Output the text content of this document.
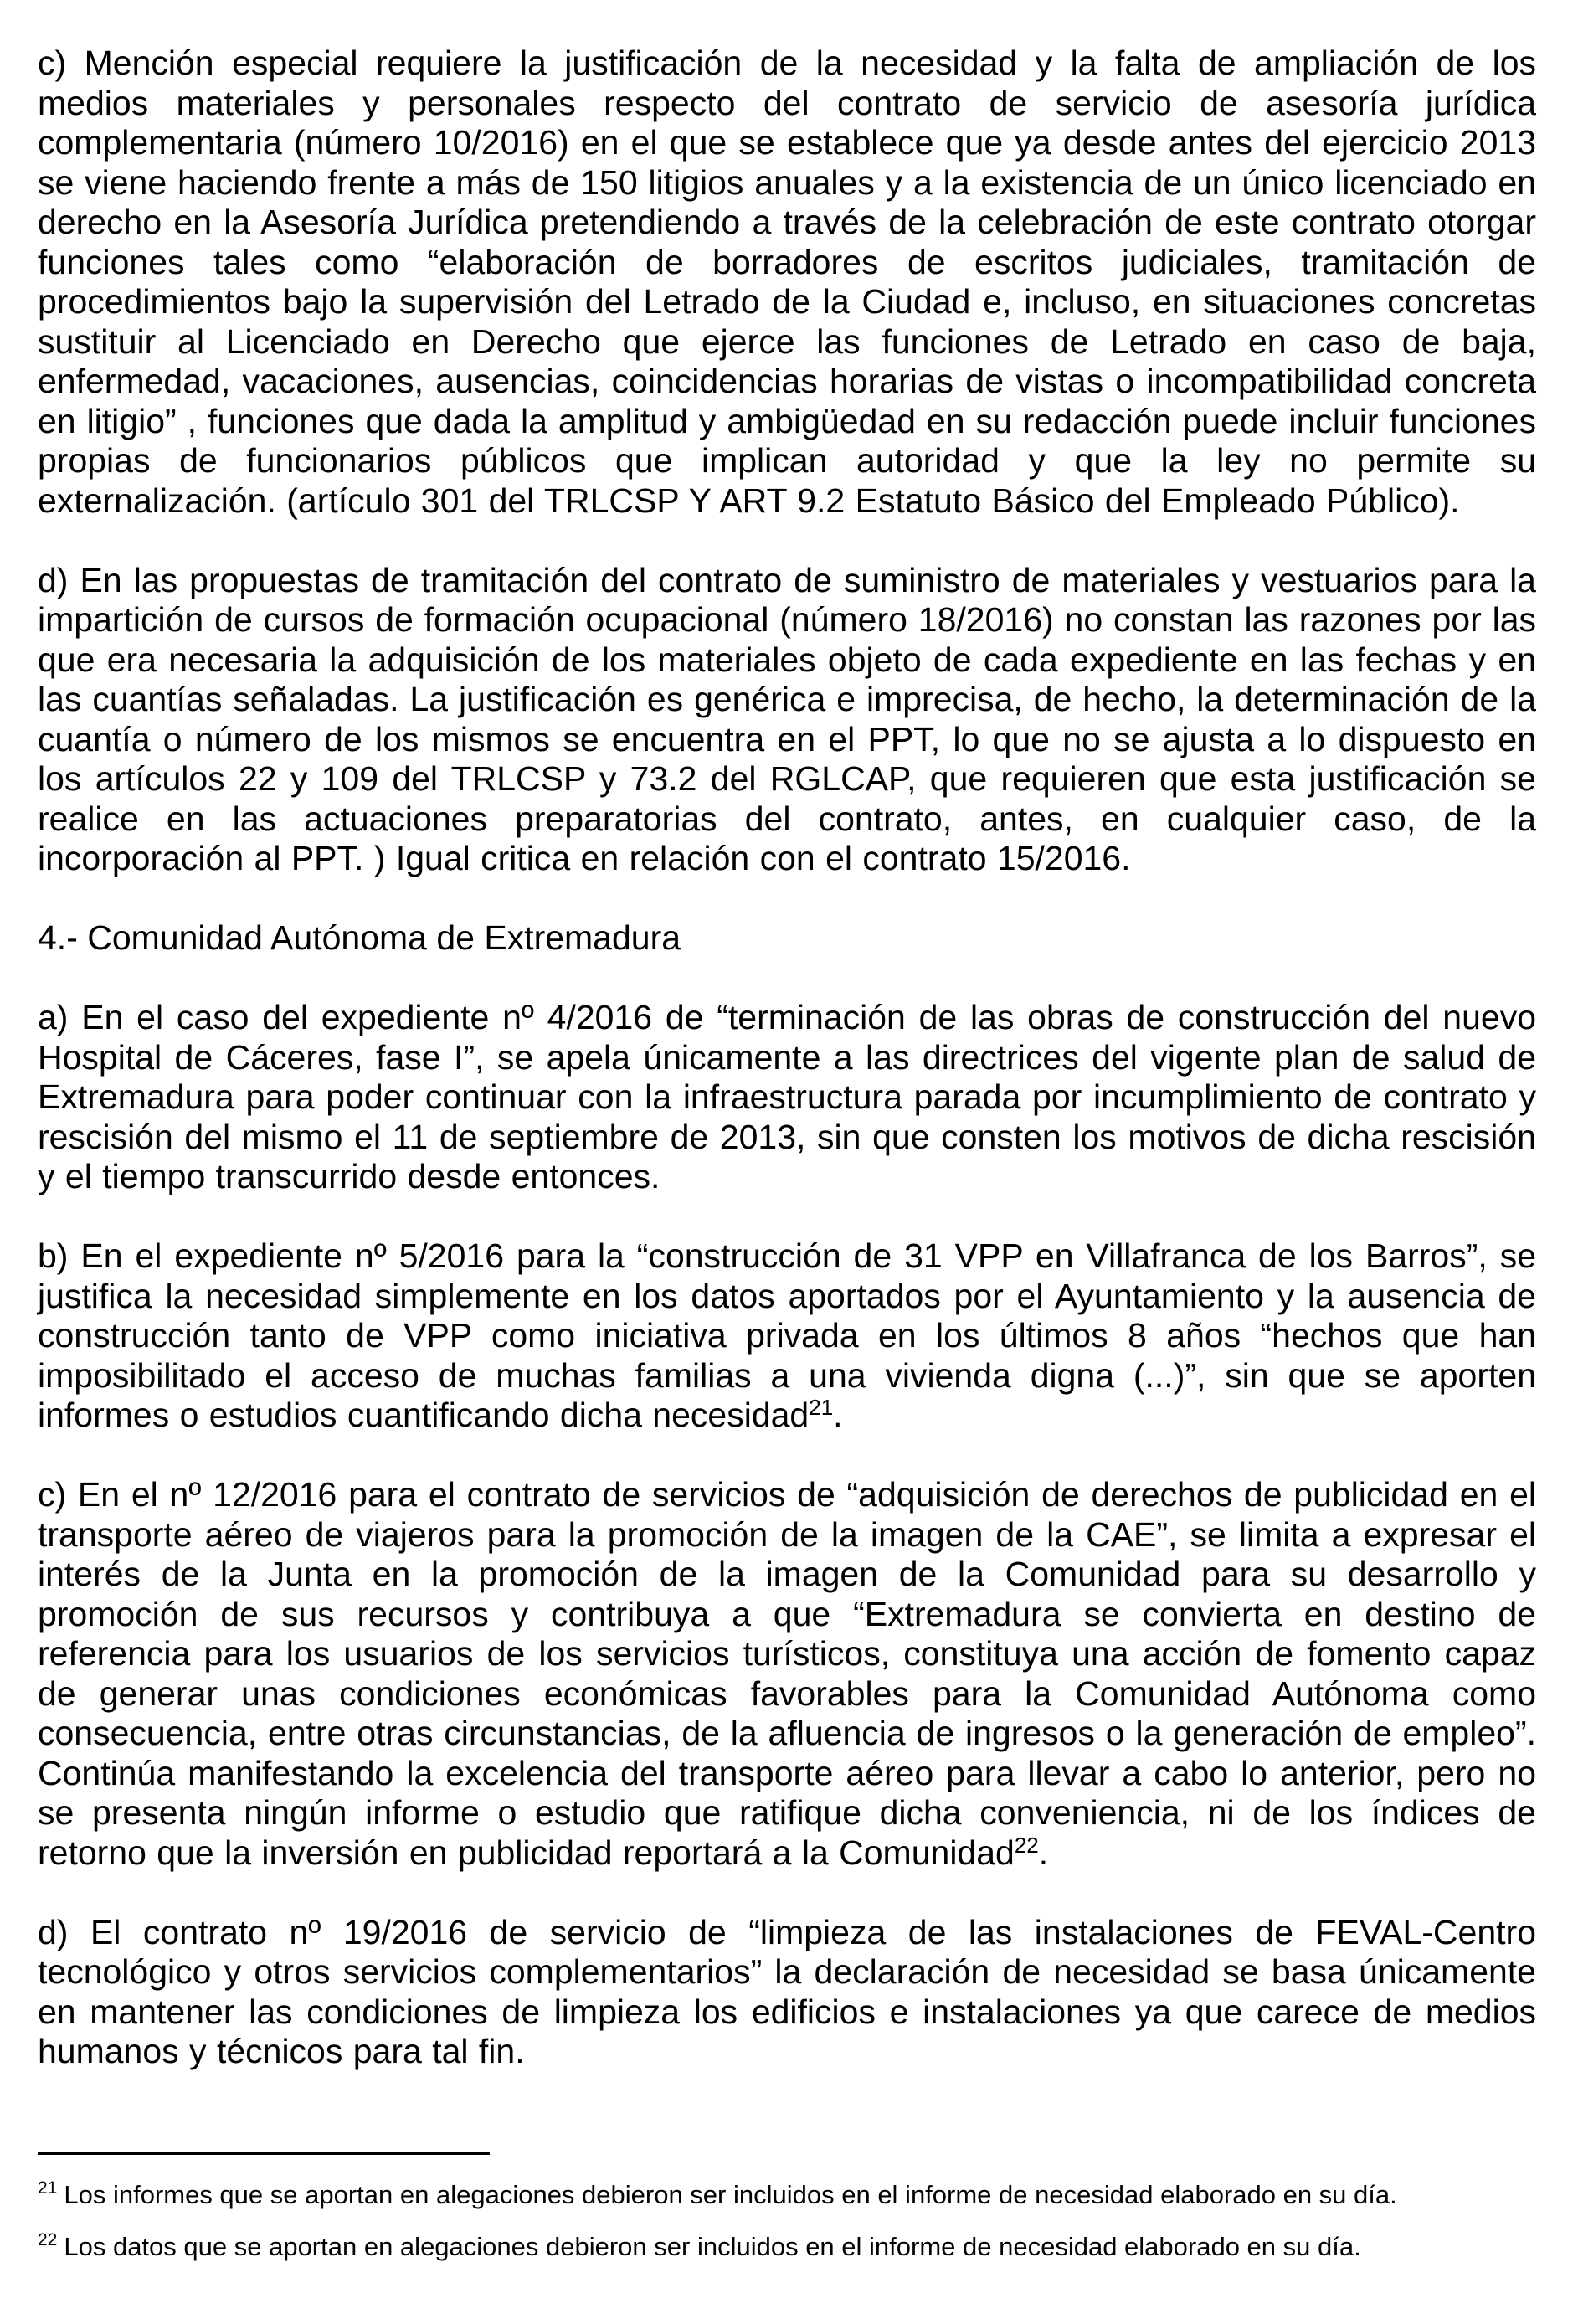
c) Mención especial requiere la justificación de la necesidad y la falta de ampliación de los medios materiales y personales respecto del contrato de servicio de asesoría jurídica complementaria (número 10/2016) en el que se establece que ya desde antes del ejercicio 2013 se viene haciendo frente a más de 150 litigios anuales y a la existencia de un único licenciado en derecho en la Asesoría Jurídica pretendiendo a través de la celebración de este contrato otorgar funciones tales como “elaboración de borradores de escritos judiciales, tramitación de procedimientos bajo la supervisión del Letrado de la Ciudad e, incluso, en situaciones concretas sustituir al Licenciado en Derecho que ejerce las funciones de Letrado en caso de baja, enfermedad, vacaciones, ausencias, coincidencias horarias de vistas o incompatibilidad concreta en litigio” , funciones que dada la amplitud y ambigüedad en su redacción puede incluir funciones propias de funcionarios públicos que implican autoridad y que la ley no permite su externalización. (artículo 301 del TRLCSP Y ART 9.2 Estatuto Básico del Empleado Público).

d) En las propuestas de tramitación del contrato de suministro de materiales y vestuarios para la impartición de cursos de formación ocupacional (número 18/2016) no constan las razones por las que era necesaria la adquisición de los materiales objeto de cada expediente en las fechas y en las cuantías señaladas. La justificación es genérica e imprecisa, de hecho, la determinación de la cuantía o número de los mismos se encuentra en el PPT, lo que no se ajusta a lo dispuesto en los artículos 22 y 109 del TRLCSP y 73.2 del RGLCAP, que requieren que esta justificación se realice en las actuaciones preparatorias del contrato, antes, en cualquier caso, de la incorporación al PPT. ) Igual critica en relación con el contrato 15/2016.

4.- Comunidad Autónoma de Extremadura

a) En el caso del expediente nº 4/2016 de “terminación de las obras de construcción del nuevo Hospital de Cáceres, fase I”, se apela únicamente a las directrices del vigente plan de salud de Extremadura para poder continuar con la infraestructura parada por incumplimiento de contrato y rescisión del mismo el 11 de septiembre de 2013, sin que consten los motivos de dicha rescisión y el tiempo transcurrido desde entonces.

b) En el expediente nº 5/2016 para la “construcción de 31 VPP en Villafranca de los Barros”, se justifica la necesidad simplemente en los datos aportados por el Ayuntamiento y la ausencia de construcción tanto de VPP como iniciativa privada en los últimos 8 años “hechos que han imposibilitado el acceso de muchas familias a una vivienda digna (...)”, sin que se aporten informes o estudios cuantificando dicha necesidad$^{21}$.

c) En el nº 12/2016 para el contrato de servicios de “adquisición de derechos de publicidad en el transporte aéreo de viajeros para la promoción de la imagen de la CAE”, se limita a expresar el interés de la Junta en la promoción de la imagen de la Comunidad para su desarrollo y promoción de sus recursos y contribuya a que “Extremadura se convierta en destino de referencia para los usuarios de los servicios turísticos, constituya una acción de fomento capaz de generar unas condiciones económicas favorables para la Comunidad Autónoma como consecuencia, entre otras circunstancias, de la afluencia de ingresos o la generación de empleo”. Continúa manifestando la excelencia del transporte aéreo para llevar a cabo lo anterior, pero no se presenta ningún informe o estudio que ratifique dicha conveniencia, ni de los índices de retorno que la inversión en publicidad reportará a la Comunidad$^{22}$.

d) El contrato nº 19/2016 de servicio de “limpieza de las instalaciones de FEVAL-Centro tecnológico y otros servicios complementarios” la declaración de necesidad se basa únicamente en mantener las condiciones de limpieza los edificios e instalaciones ya que carece de medios humanos y técnicos para tal fin.

$^{21}$ Los informes que se aportan en alegaciones debieron ser incluidos en el informe de necesidad elaborado en su día.

$^{22}$ Los datos que se aportan en alegaciones debieron ser incluidos en el informe de necesidad elaborado en su día.
